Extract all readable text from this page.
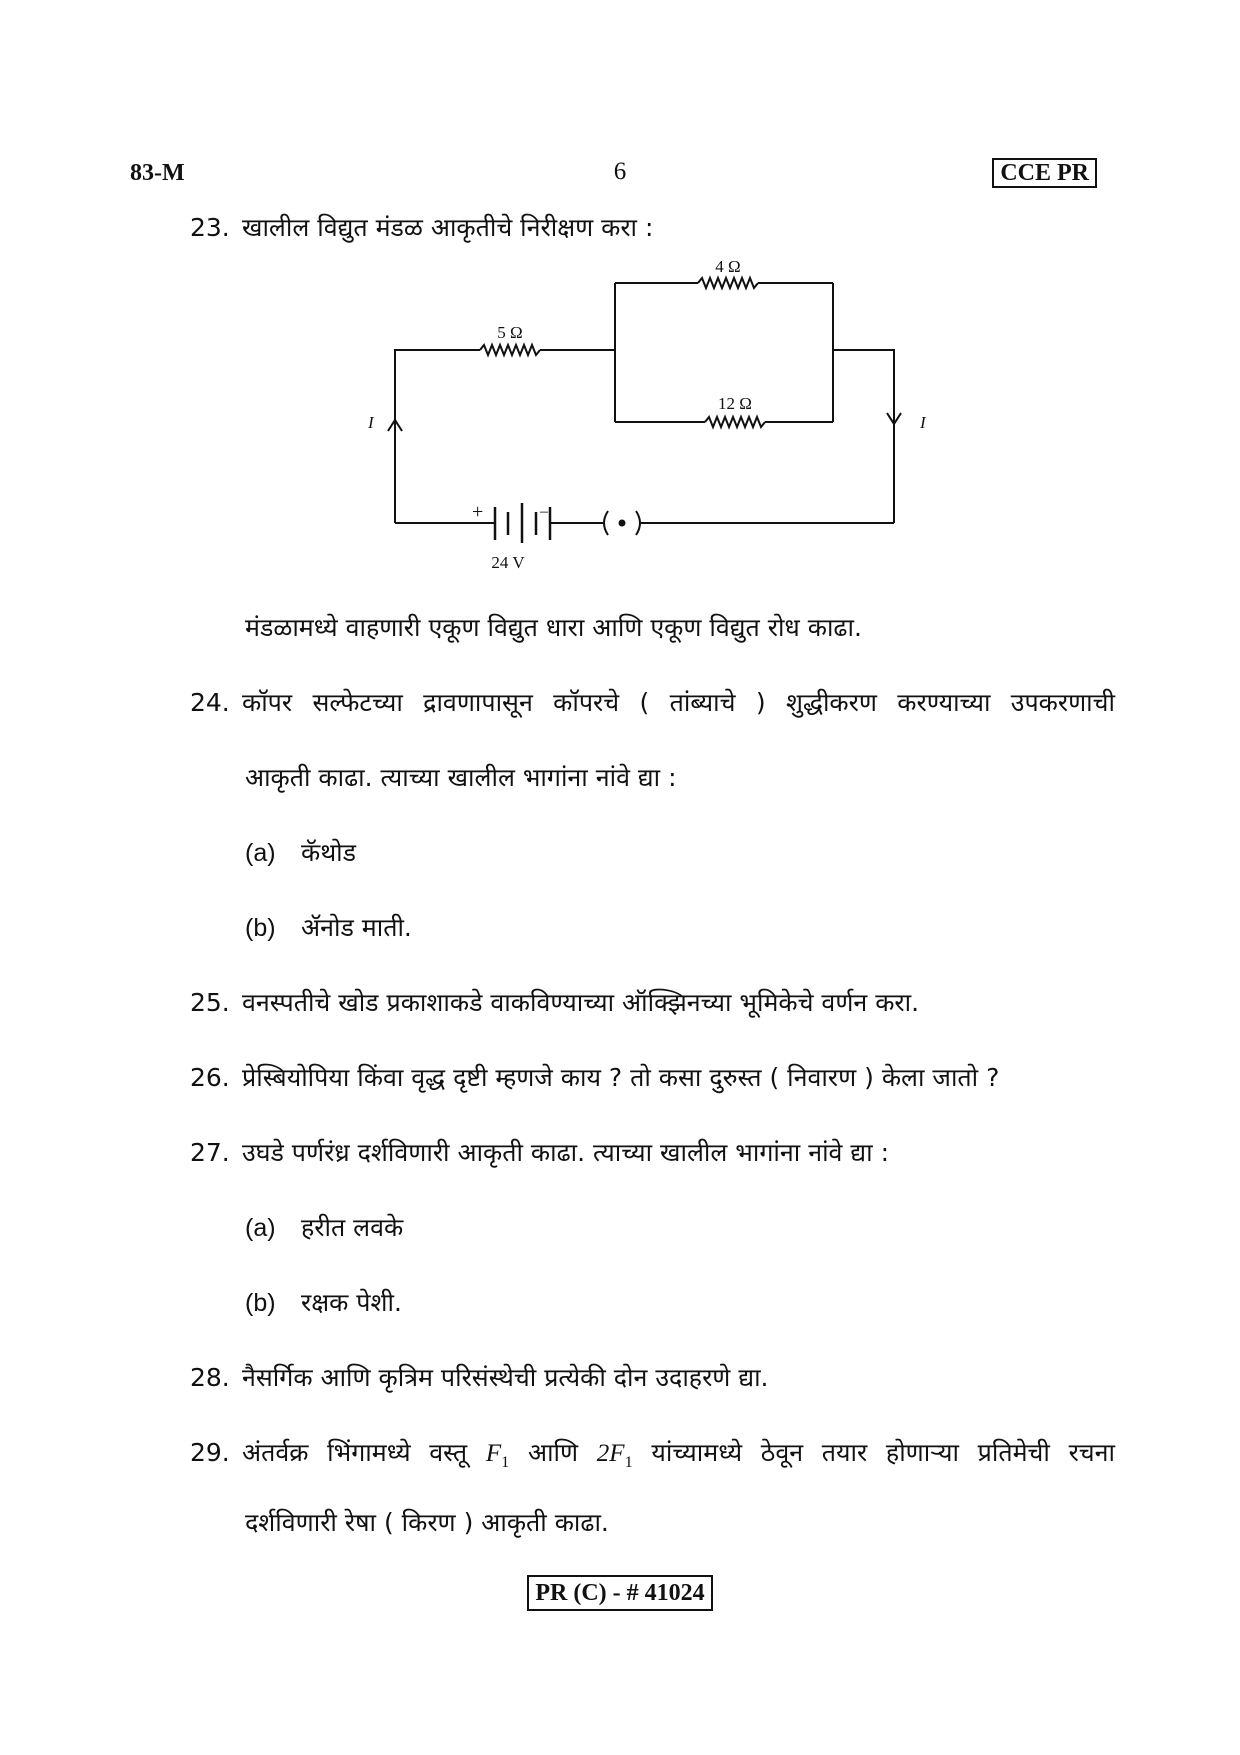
83-M	6	CCE PR
23. खालील विद्युत मंडळ आकृतीचे निरीक्षण करा :
4 Ω
5 Ω
12 Ω
I	I
+	–
24 V
मंडळामध्ये वाहणारी एकूण विद्युत धारा आणि एकूण विद्युत रोध काढा.
24. कॉपर सल्फेटच्या द्रावणापासून कॉपरचे ( तांब्याचे ) शुद्धीकरण करण्याच्या उपकरणाची
आकृती काढा. त्याच्या खालील भागांना नांवे द्या :
(a) कॅथोड
(b) ॲनोड माती.
25. वनस्पतीचे खोड प्रकाशाकडे वाकविण्याच्या ऑक्झिनच्या भूमिकेचे वर्णन करा.
26. प्रेस्बियोपिया किंवा वृद्ध दृष्टी म्हणजे काय ? तो कसा दुरुस्त ( निवारण ) केला जातो ?
27. उघडे पर्णरंध्र दर्शविणारी आकृती काढा. त्याच्या खालील भागांना नांवे द्या :
(a) हरीत लवके
(b) रक्षक पेशी.
28. नैसर्गिक आणि कृत्रिम परिसंस्थेची प्रत्येकी दोन उदाहरणे द्या.
29. अंतर्वक्र भिंगामध्ये वस्तू $F_1$ आणि $2F_1$ यांच्यामध्ये ठेवून तयार होणाऱ्या प्रतिमेची रचना
दर्शविणारी रेषा ( किरण ) आकृती काढा.
PR (C) - # 41024
